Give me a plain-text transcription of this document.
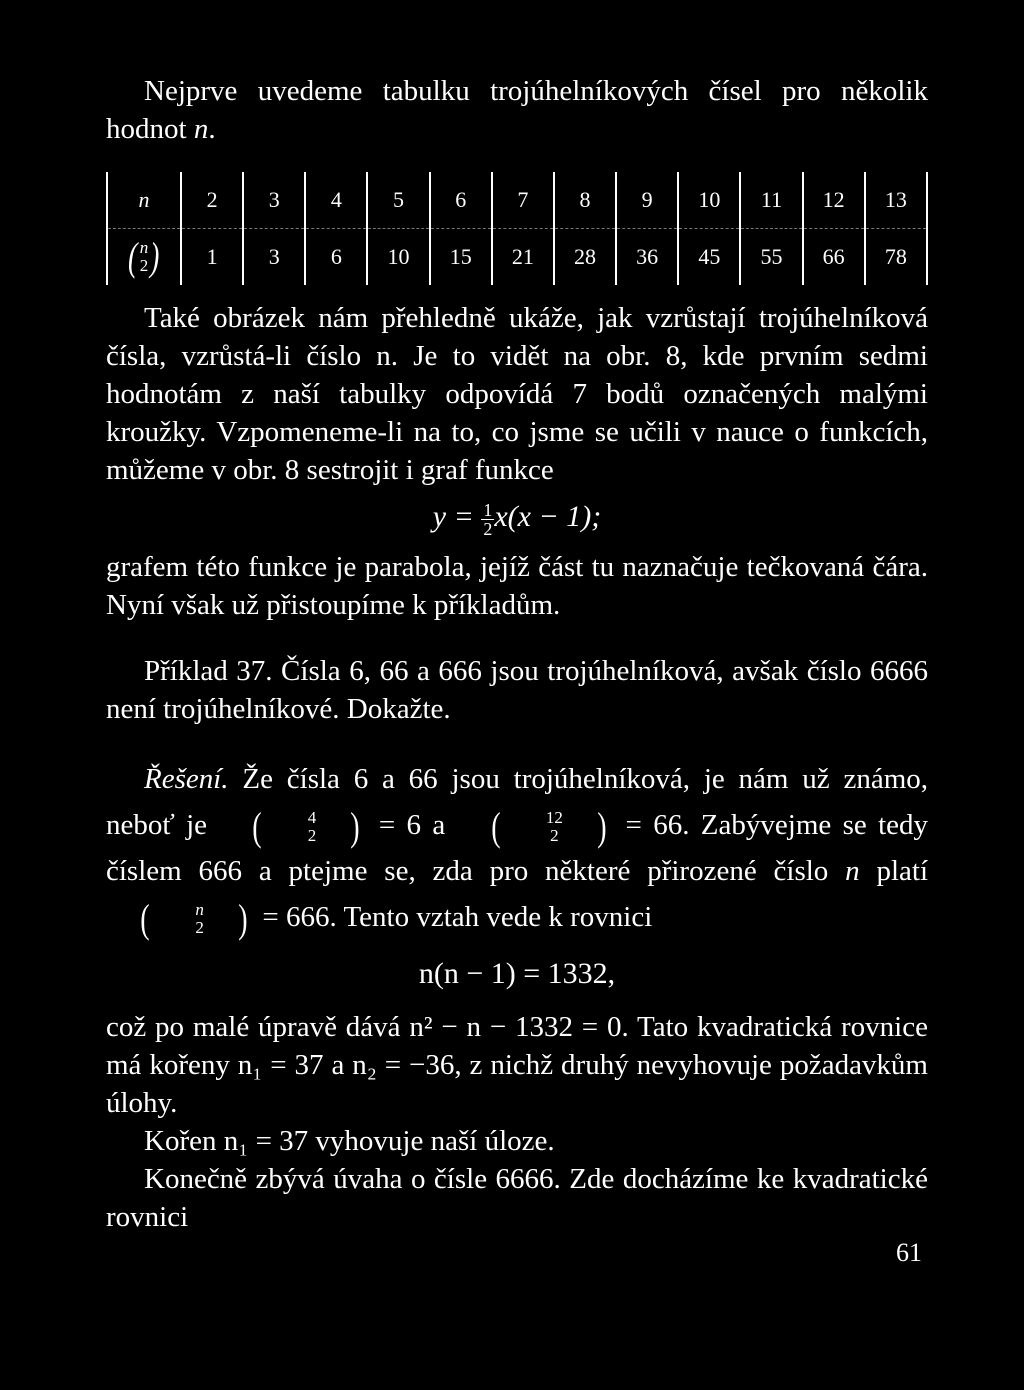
Nejprve uvedeme tabulku trojúhelníkových čísel pro několik hodnot n.

n	2	3	4	5	6	7	8	9	10	11	12	13

( n
2 )	1	3	6	10	15	21	28	36	45	55	66	78

Také obrázek nám přehledně ukáže, jak vzrůstají trojúhelníková čísla, vzrůstá-li číslo n. Je to vidět na obr. 8, kde prvním sedmi hodnotám z naší tabulky odpovídá 7 bodů označených malými kroužky. Vzpomeneme-li na to, co jsme se učili v nauce o funkcích, můžeme v obr. 8 sestrojit i graf funkce

$y = \frac{1}{2} x(x - 1)$;

grafem této funkce je parabola, jejíž část tu naznačuje tečkovaná čára. Nyní však už přistoupíme k příkladům.

Příklad 37. Čísla 6, 66 a 666 jsou trojúhelníková, avšak číslo 6666 není trojúhelníkové. Dokažte.

Řešení. Že čísla 6 a 66 jsou trojúhelníková, je nám už známo, neboť je	(	4
2 ) = 6 a	(	12
2 ) = 66. Zabývejme se tedy číslem 666 a ptejme se, zda pro některé přirozené číslo n platí
(	n
2 ) = 666. Tento vztah vede k rovnici

n(n − 1) = 1332,

což po malé úpravě dává n² − n − 1332 = 0. Tato kvadratická rovnice má kořeny n₁ = 37 a n₂ = −36, z nichž druhý nevyhovuje požadavkům úlohy.

Kořen n₁ = 37 vyhovuje naší úloze.

Konečně zbývá úvaha o čísle 6666. Zde docházíme ke kvadratické rovnici

61
